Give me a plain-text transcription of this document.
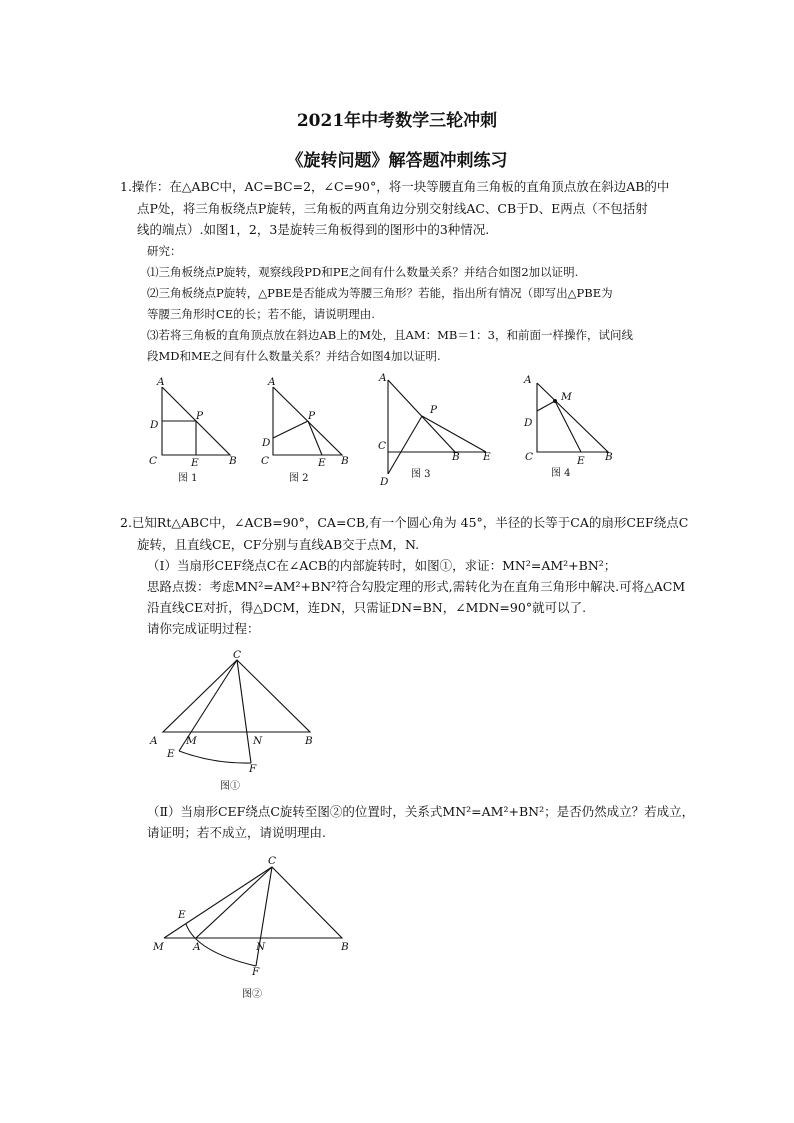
2021年中考数学三轮冲刺
《旋转问题》解答题冲刺练习
1.操作：在△ABC中，AC=BC=2，∠C=90°，将一块等腰直角三角板的直角顶点放在斜边AB的中
点P处，将三角板绕点P旋转，三角板的两直角边分别交射线AC、CB于D、E两点（不包括射
线的端点）.如图1，2，3是旋转三角板得到的图形中的3种情况.
研究：
⑴三角板绕点P旋转，观察线段PD和PE之间有什么数量关系？并结合如图2加以证明.
⑵三角板绕点P旋转，△PBE是否能成为等腰三角形？若能，指出所有情况（即写出△PBE为
等腰三角形时CE的长；若不能，请说明理由.
⑶若将三角板的直角顶点放在斜边AB上的M处，且AM：MB＝1：3，和前面一样操作，试问线
段MD和ME之间有什么数量关系？并结合如图4加以证明.
A
D
P
C	E	B
图 1
A
P
D
C	E B
图 2
A
P
C
B E
D
图 3
A
M
D
C	E B
图 4
2.已知Rt△ABC中，∠ACB=90°，CA=CB,有一个圆心角为 45°，半径的长等于CA的扇形CEF绕点C
旋转，且直线CE，CF分别与直线AB交于点M，N.
（Ⅰ）当扇形CEF绕点C在∠ACB的内部旋转时，如图①，求证：MN²=AM²+BN²；
思路点拨：考虑MN²=AM²+BN²符合勾股定理的形式,需转化为在直角三角形中解决.可将△ACM
沿直线CE对折，得△DCM，连DN，只需证DN=BN，∠MDN=90°就可以了.
请你完成证明过程：
C
A	M	N	B
E
F
图①
C
E
M	A	N	B
F
图②
（Ⅱ）当扇形CEF绕点C旋转至图②的位置时，关系式MN²=AM²+BN²；是否仍然成立？若成立，
请证明；若不成立，请说明理由.
